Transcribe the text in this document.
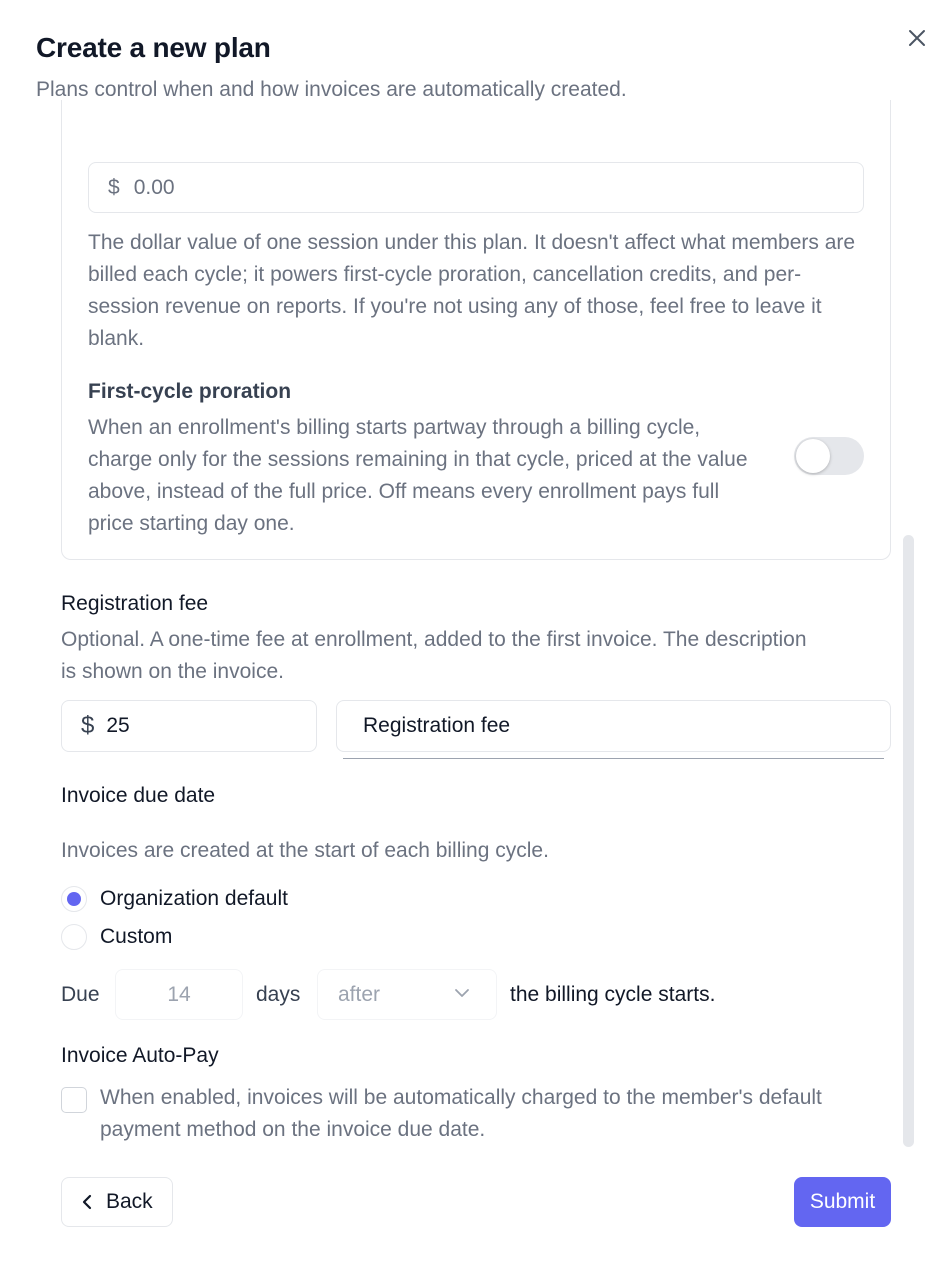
Create a new plan
Plans control when and how invoices are automatically created.
$ 0.00
The dollar value of one session under this plan. It doesn't affect what members are billed each cycle; it powers first-cycle proration, cancellation credits, and per-session revenue on reports. If you're not using any of those, feel free to leave it blank.
First-cycle proration
When an enrollment's billing starts partway through a billing cycle, charge only for the sessions remaining in that cycle, priced at the value above, instead of the full price. Off means every enrollment pays full price starting day one.
Registration fee
Optional. A one-time fee at enrollment, added to the first invoice. The description is shown on the invoice.
$ 25	Registration fee
Invoice due date
Invoices are created at the start of each billing cycle.
Organization default
Custom
Due	14	days after	the billing cycle starts.
Invoice Auto-Pay
When enabled, invoices will be automatically charged to the member's default payment method on the invoice due date.
Back	Submit
